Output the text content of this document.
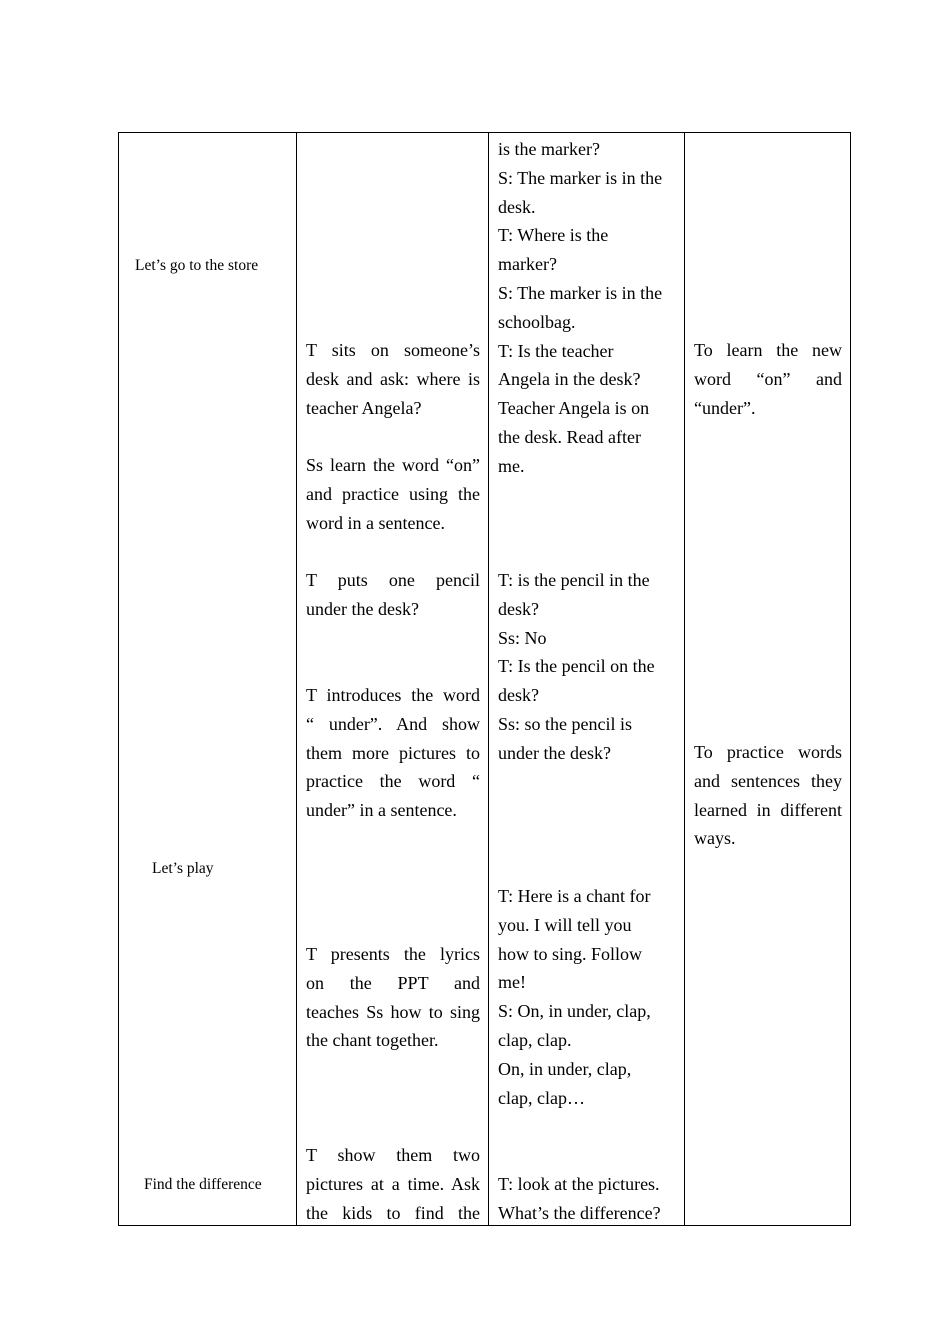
Let’s go to the store
Let’s play
Find the difference
T sits on someone’s
desk and ask: where is
teacher Angela?
Ss learn the word “on”
and practice using the
word in a sentence.
T puts one pencil
under the desk?
T introduces the word
“ under”. And show
them more pictures to
practice the word “
under” in a sentence.
T presents the lyrics
on the PPT and
teaches Ss how to sing
the chant together.
T show them two
pictures at a time. Ask
the kids to find the
is the marker?
S: The marker is in the
desk.
T: Where is the
marker?
S: The marker is in the
schoolbag.
T: Is the teacher
Angela in the desk?
Teacher Angela is on
the desk. Read after
me.
T: is the pencil in the
desk?
Ss: No
T: Is the pencil on the
desk?
Ss: so the pencil is
under the desk?
T: Here is a chant for
you. I will tell you
how to sing. Follow
me!
S: On, in under, clap,
clap, clap.
On, in under, clap,
clap, clap…
T: look at the pictures.
What’s the difference?
To learn the new
word “on” and
“under”.
To practice words
and sentences they
learned in different
ways.
